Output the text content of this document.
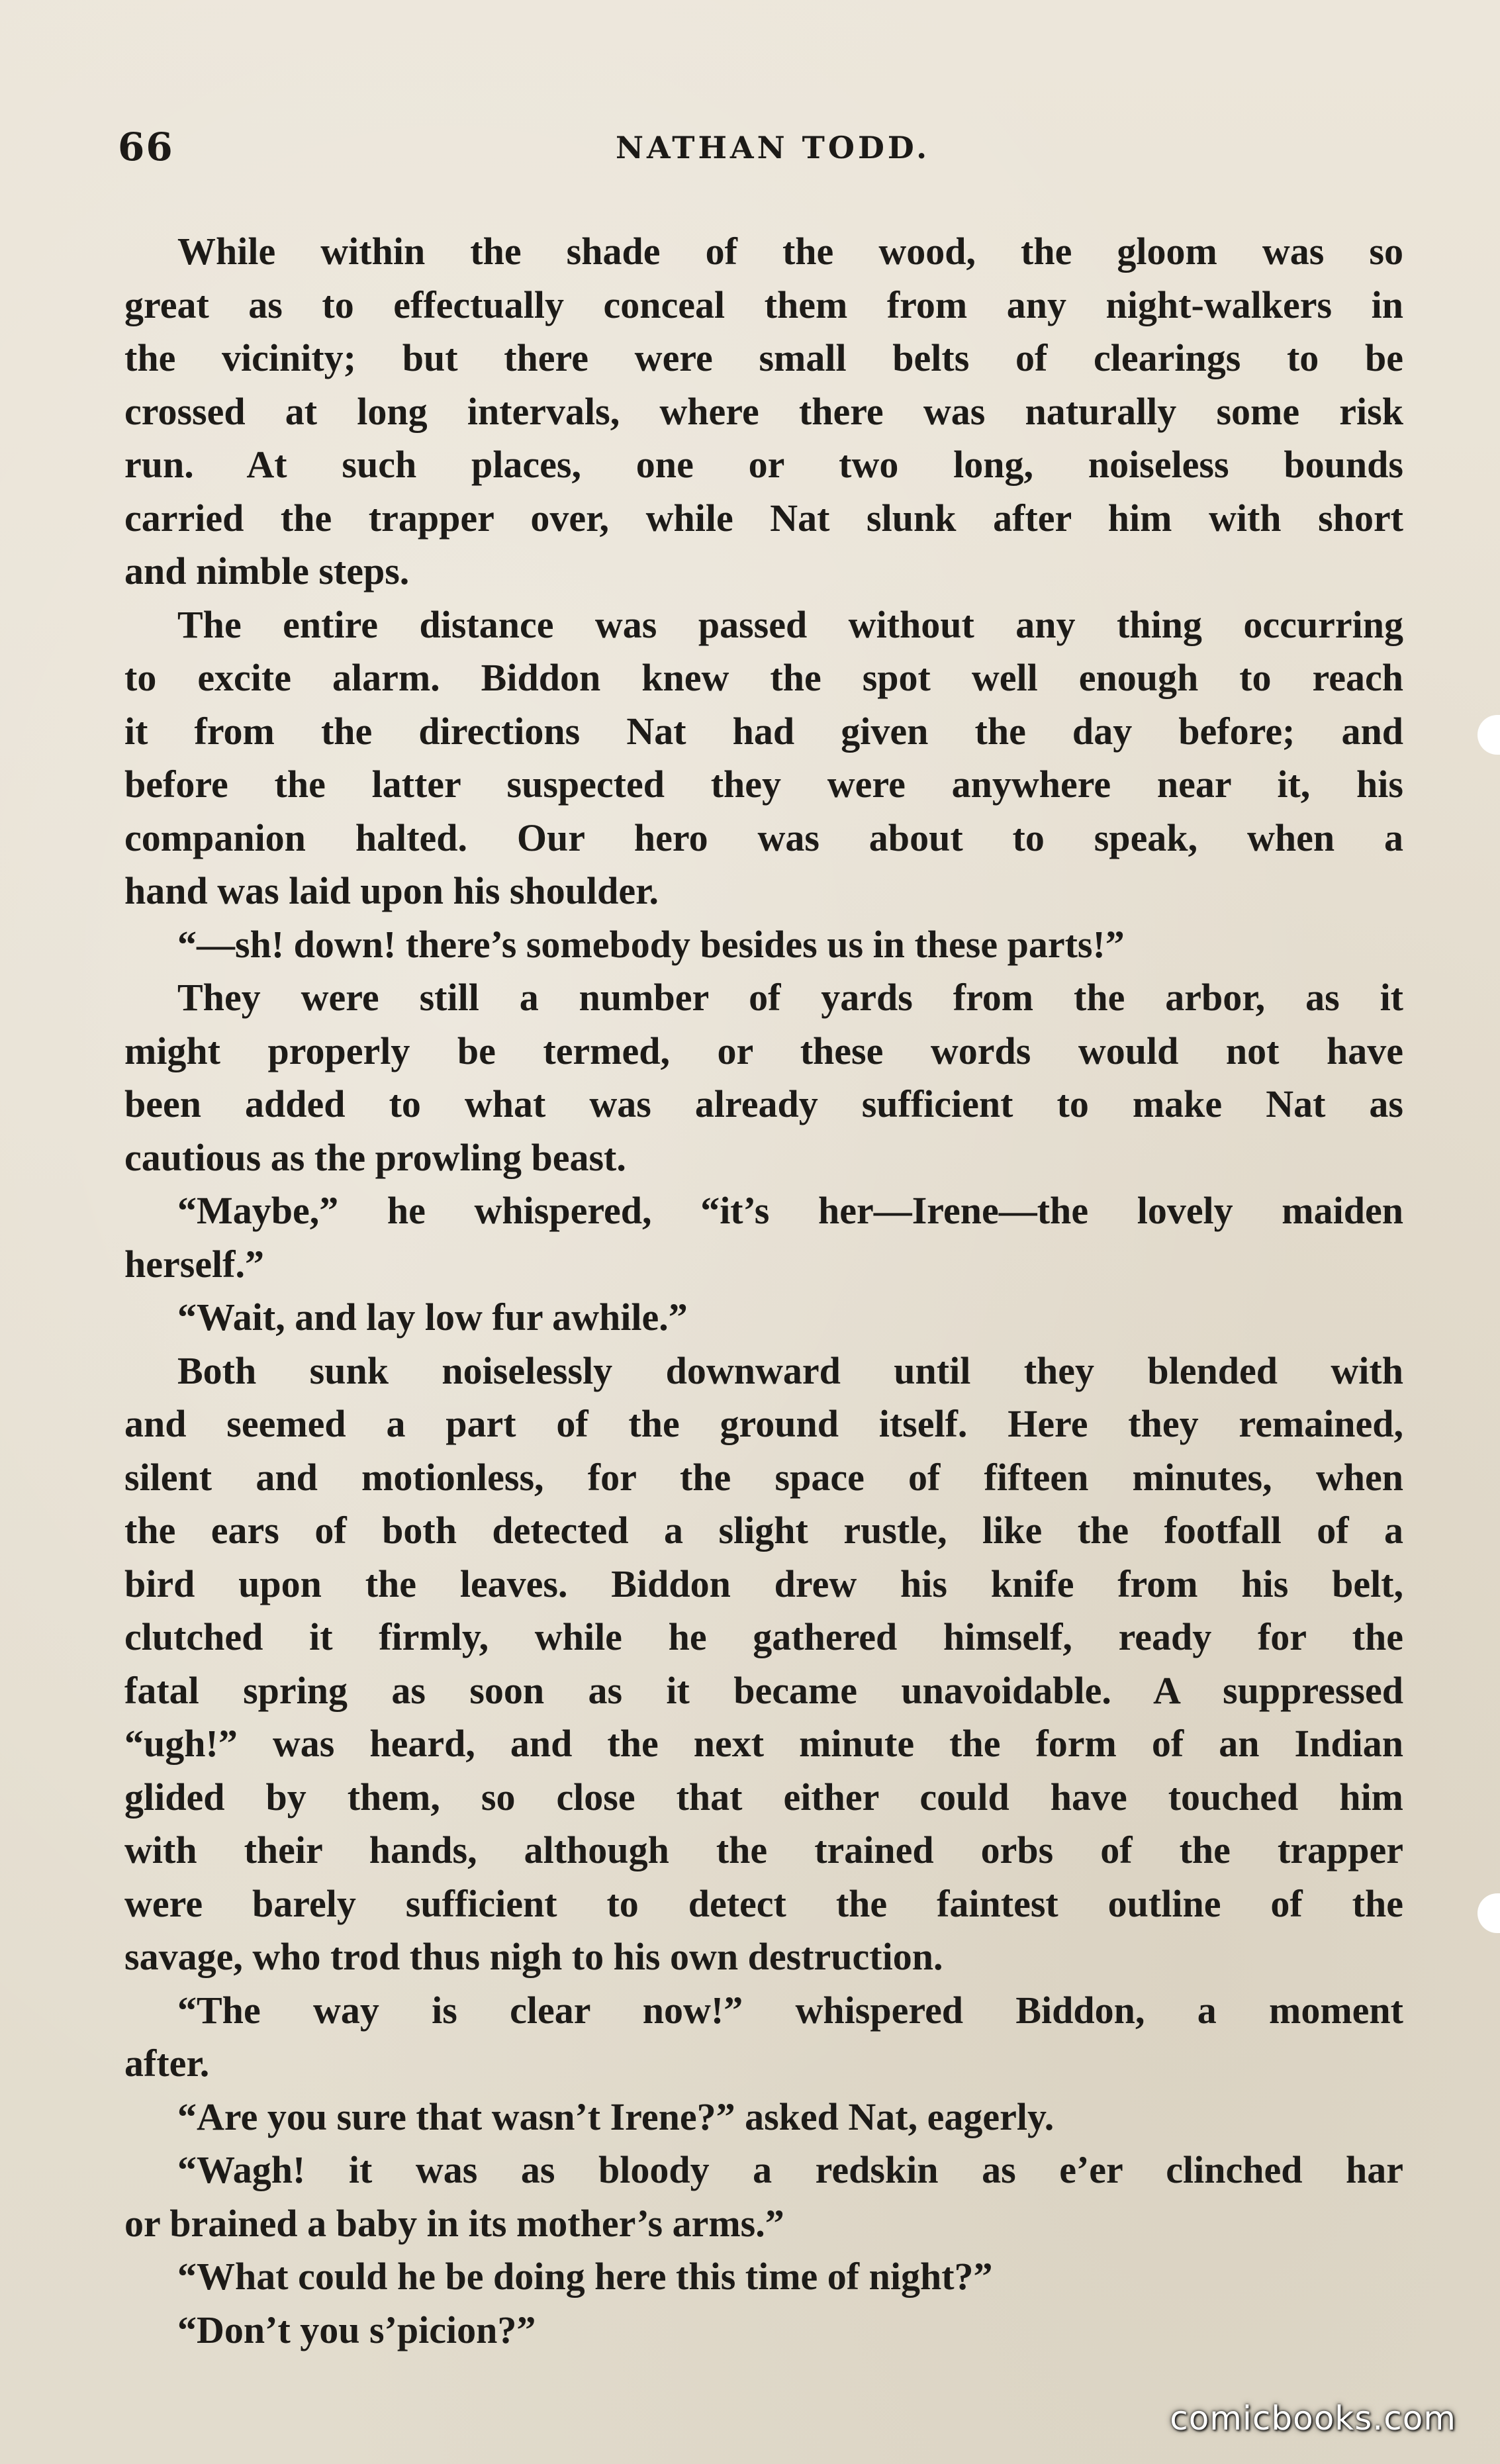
66	NATHAN TODD.
While within the shade of the wood, the gloom was so
great as to effectually conceal them from any night-walkers in
the vicinity; but there were small belts of clearings to be
crossed at long intervals, where there was naturally some risk
run. At such places, one or two long, noiseless bounds
carried the trapper over, while Nat slunk after him with short
and nimble steps.
The entire distance was passed without any thing occurring
to excite alarm. Biddon knew the spot well enough to reach
it from the directions Nat had given the day before; and
before the latter suspected they were anywhere near it, his
companion halted. Our hero was about to speak, when a
hand was laid upon his shoulder.
“—sh! down! there’s somebody besides us in these parts!”
They were still a number of yards from the arbor, as it
might properly be termed, or these words would not have
been added to what was already sufficient to make Nat as
cautious as the prowling beast.
“Maybe,” he whispered, “it’s her—Irene—the lovely maiden
herself.”
“Wait, and lay low fur awhile.”
Both sunk noiselessly downward until they blended with
and seemed a part of the ground itself. Here they remained,
silent and motionless, for the space of fifteen minutes, when
the ears of both detected a slight rustle, like the footfall of a
bird upon the leaves. Biddon drew his knife from his belt,
clutched it firmly, while he gathered himself, ready for the
fatal spring as soon as it became unavoidable. A suppressed
“ugh!” was heard, and the next minute the form of an Indian
glided by them, so close that either could have touched him
with their hands, although the trained orbs of the trapper
were barely sufficient to detect the faintest outline of the
savage, who trod thus nigh to his own destruction.
“The way is clear now!” whispered Biddon, a moment
after.
“Are you sure that wasn’t Irene?” asked Nat, eagerly.
“Wagh! it was as bloody a redskin as e’er clinched har
or brained a baby in its mother’s arms.”
“What could he be doing here this time of night?”
“Don’t you s’picion?”
comicbooks.com
